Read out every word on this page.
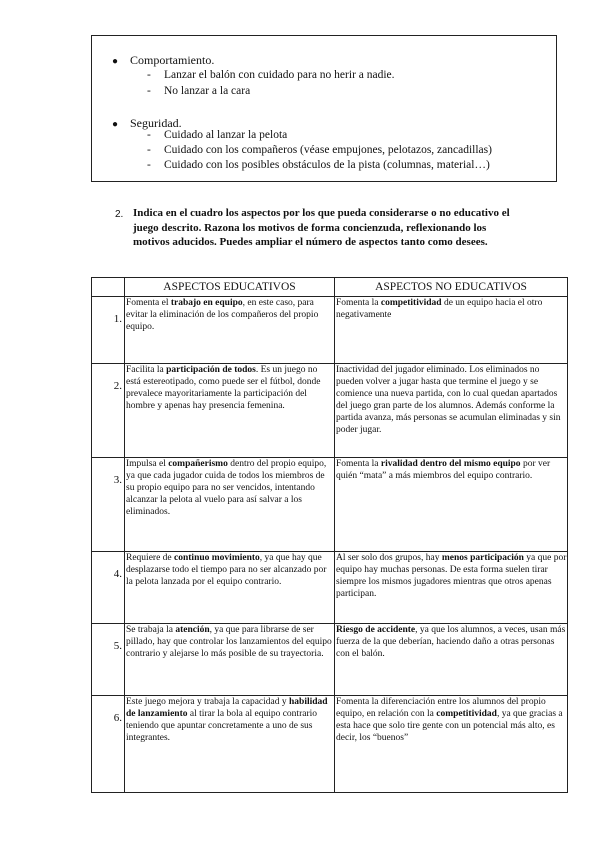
● Comportamiento.
- Lanzar el balón con cuidado para no herir a nadie.
- No lanzar a la cara
● Seguridad.
- Cuidado al lanzar la pelota
- Cuidado con los compañeros (véase empujones, pelotazos, zancadillas)
- Cuidado con los posibles obstáculos de la pista (columnas, material…)
2. Indica en el cuadro los aspectos por los que pueda considerarse o no educativo el juego descrito. Razona los motivos de forma concienzuda, reflexionando los motivos aducidos. Puedes ampliar el número de aspectos tanto como desees.
	ASPECTOS EDUCATIVOS	ASPECTOS NO EDUCATIVOS
1.	Fomenta el trabajo en equipo, en este caso, para evitar la eliminación de los compañeros del propio equipo.	Fomenta la competitividad de un equipo hacia el otro negativamente
2.	Facilita la participación de todos. Es un juego no está estereotipado, como puede ser el fútbol, donde prevalece mayoritariamente la participación del hombre y apenas hay presencia femenina.	Inactividad del jugador eliminado. Los eliminados no pueden volver a jugar hasta que termine el juego y se comience una nueva partida, con lo cual quedan apartados del juego gran parte de los alumnos. Además conforme la partida avanza, más personas se acumulan eliminadas y sin poder jugar.
3.	Impulsa el compañerismo dentro del propio equipo, ya que cada jugador cuida de todos los miembros de su propio equipo para no ser vencidos, intentando alcanzar la pelota al vuelo para así salvar a los eliminados.	Fomenta la rivalidad dentro del mismo equipo por ver quién “mata” a más miembros del equipo contrario.
4.	Requiere de continuo movimiento, ya que hay que desplazarse todo el tiempo para no ser alcanzado por la pelota lanzada por el equipo contrario.	Al ser solo dos grupos, hay menos participación ya que por equipo hay muchas personas. De esta forma suelen tirar siempre los mismos jugadores mientras que otros apenas participan.
5.	Se trabaja la atención, ya que para librarse de ser pillado, hay que controlar los lanzamientos del equipo contrario y alejarse lo más posible de su trayectoria.	Riesgo de accidente, ya que los alumnos, a veces, usan más fuerza de la que deberían, haciendo daño a otras personas con el balón.
6.	Este juego mejora y trabaja la capacidad y habilidad de lanzamiento al tirar la bola al equipo contrario teniendo que apuntar concretamente a uno de sus integrantes.	Fomenta la diferenciación entre los alumnos del propio equipo, en relación con la competitividad, ya que gracias a esta hace que solo tire gente con un potencial más alto, es decir, los “buenos”
